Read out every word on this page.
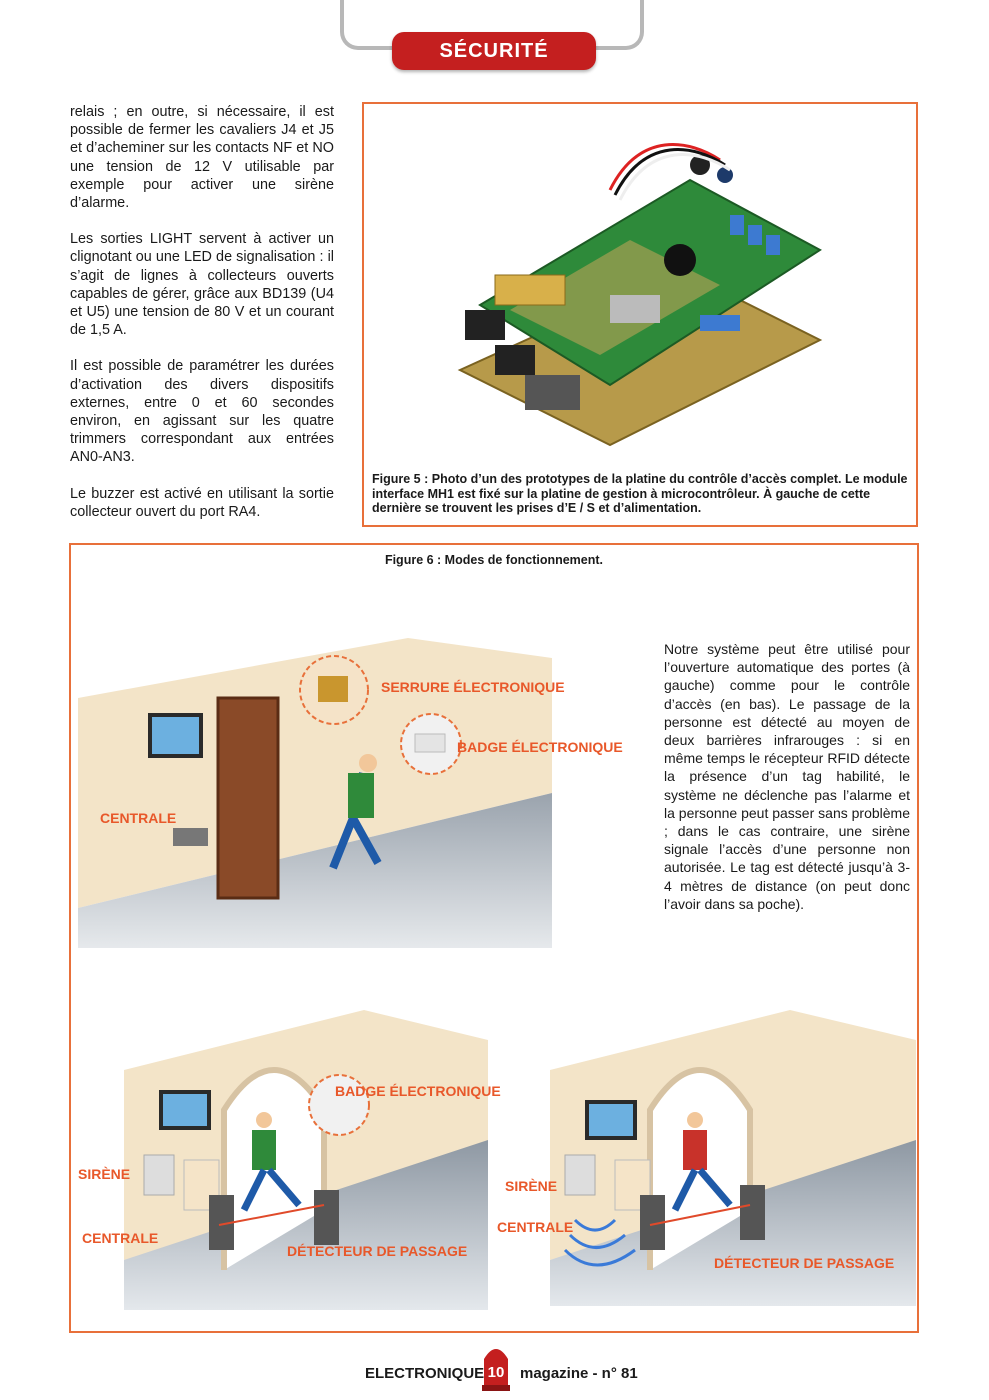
SÉCURITÉ

relais ; en outre, si nécessaire, il est possible de fermer les cavaliers J4 et J5 et d’acheminer sur les contacts NF et NO une tension de 12 V utilisable par exemple pour activer une sirène d’alarme.

Les sorties LIGHT servent à activer un clignotant ou une LED de signalisation : il s’agit de lignes à collecteurs ouverts capables de gérer, grâce aux BD139 (U4 et U5) une tension de 80 V et un courant de 1,5 A.

Il est possible de paramétrer les durées d’activation des divers dispositifs externes, entre 0 et 60 secondes environ, en agissant sur les quatre trimmers correspondant aux entrées AN0-AN3.

Le buzzer est activé en utilisant la sortie collecteur ouvert du port RA4.

Figure 5 : Photo d’un des prototypes de la platine du contrôle d’accès complet. Le module interface MH1 est fixé sur la platine de gestion à microcontrôleur. À gauche de cette dernière se trouvent les prises d’E / S et d’alimentation.
Figure 6 : Modes de fonctionnement.
SERRURE ÉLECTRONIQUE
BADGE ÉLECTRONIQUE
CENTRALE
Notre système peut être utilisé pour l’ouverture automatique des portes (à gauche) comme pour le contrôle d’accès (en bas). Le passage de la personne est détecté au moyen de deux barrières infrarouges : si en même temps le récepteur RFID détecte la présence d’un tag habilité, le système ne déclenche pas l’alarme et la personne peut passer sans problème ; dans le cas contraire, une sirène signale l’accès d’une personne non autorisée. Le tag est détecté jusqu’à 3-4 mètres de distance (on peut donc l’avoir dans sa poche).
BADGE ÉLECTRONIQUE
SIRÈNE
CENTRALE
DÉTECTEUR DE PASSAGE
SIRÈNE
CENTRALE
DÉTECTEUR DE PASSAGE
ELECTRONIQUE 10 magazine - n° 81
